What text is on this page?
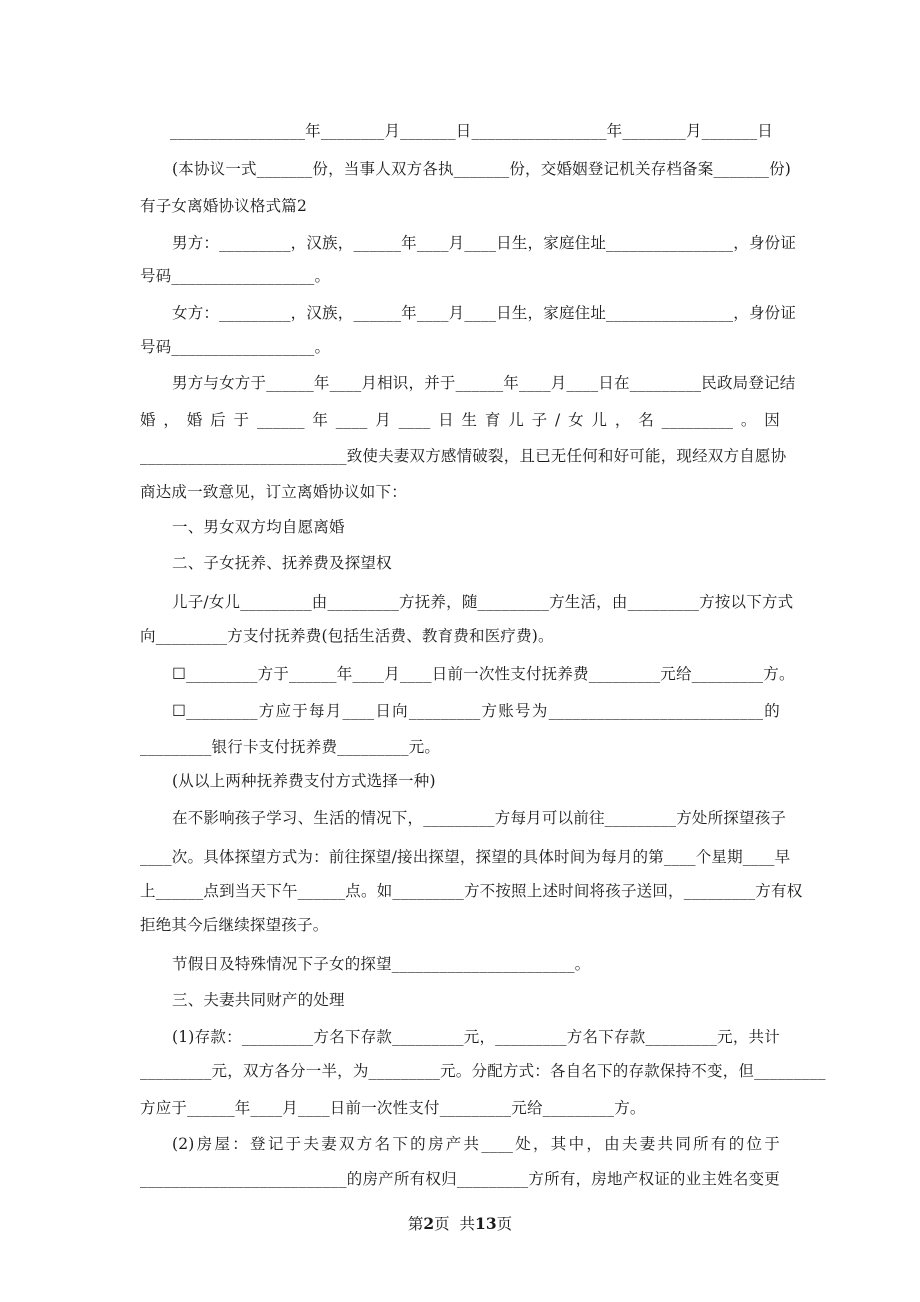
_________________年________月_______日_________________年________月_______日
(本协议一式_______份，当事人双方各执_______份，交婚姻登记机关存档备案_______份)
有子女离婚协议格式篇2
男方：_________，汉族，______年____月____日生，家庭住址________________，身份证
号码__________________。
女方：_________，汉族，______年____月____日生，家庭住址________________，身份证
号码__________________。
男方与女方于______年____月相识，并于______年____月____日在_________民政局登记结
婚，婚后于______年____月____日生育儿子/女儿，名_________。因
__________________________致使夫妻双方感情破裂，且已无任何和好可能，现经双方自愿协
商达成一致意见，订立离婚协议如下：
一、男女双方均自愿离婚
二、子女抚养、抚养费及探望权
儿子/女儿_________由_________方抚养，随_________方生活，由_________方按以下方式
向_________方支付抚养费(包括生活费、教育费和医疗费)。
☐_________方于______年____月____日前一次性支付抚养费_________元给_________方。
☐_________方应于每月____日向_________方账号为___________________________的
_________银行卡支付抚养费_________元。
(从以上两种抚养费支付方式选择一种)
在不影响孩子学习、生活的情况下，_________方每月可以前往_________方处所探望孩子
____次。具体探望方式为：前往探望/接出探望，探望的具体时间为每月的第____个星期____早
上______点到当天下午______点。如_________方不按照上述时间将孩子送回，_________方有权
拒绝其今后继续探望孩子。
节假日及特殊情况下子女的探望_______________________。
三、夫妻共同财产的处理
(1)存款：_________方名下存款_________元，_________方名下存款_________元，共计
_________元，双方各分一半，为_________元。分配方式：各自名下的存款保持不变，但_________
方应于______年____月____日前一次性支付_________元给_________方。
(2)房屋：登记于夫妻双方名下的房产共____处，其中，由夫妻共同所有的位于
__________________________的房产所有权归_________方所有，房地产权证的业主姓名变更
第2页 共13页
